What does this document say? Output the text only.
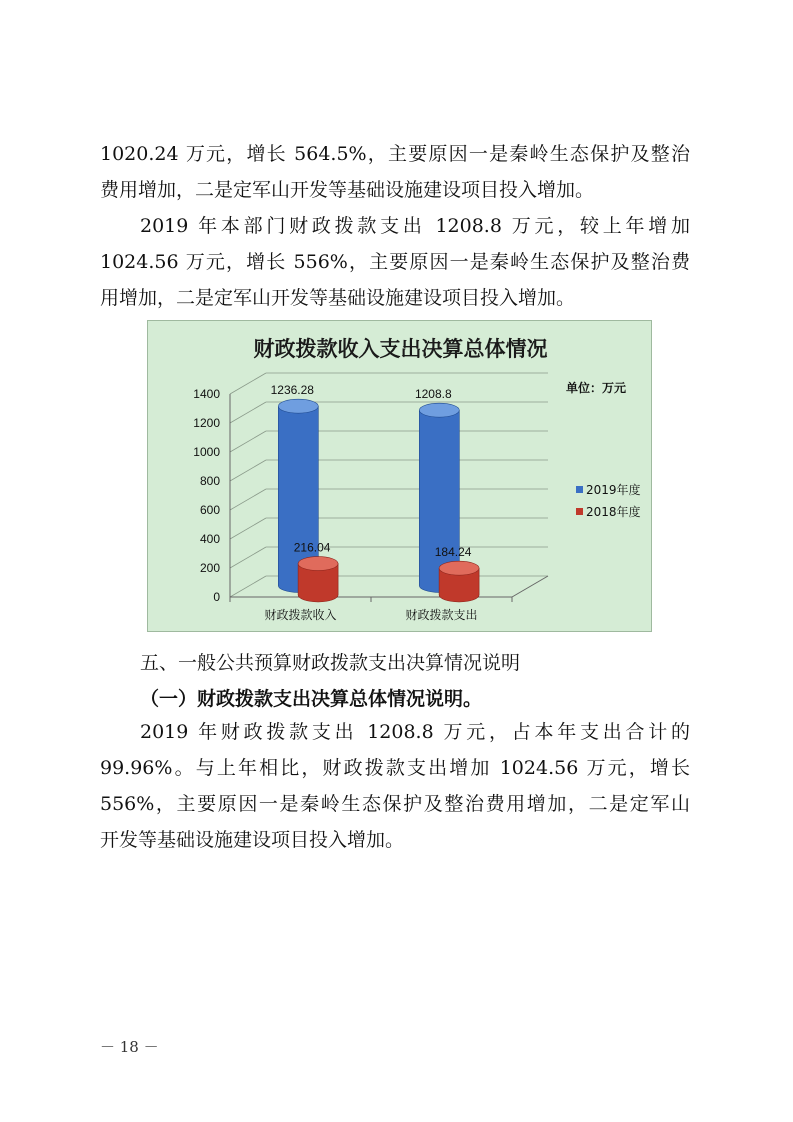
1020.24 万元，增长 564.5%，主要原因一是秦岭生态保护及整治
费用增加，二是定军山开发等基础设施建设项目投入增加。
2019 年本部门财政拨款支出 1208.8 万元，较上年增加
1024.56 万元，增长 556%，主要原因一是秦岭生态保护及整治费
用增加，二是定军山开发等基础设施建设项目投入增加。
0
200
400
600
800
1000
1200
1400
财政拨款收入
1236.28
216.04
财政拨款支出
1208.8
184.24
财政拨款收入支出决算总体情况
单位：万元
2019年度
2018年度
五、一般公共预算财政拨款支出决算情况说明
（一）财政拨款支出决算总体情况说明。
2019 年财政拨款支出 1208.8 万元，占本年支出合计的
99.96%。与上年相比，财政拨款支出增加 1024.56 万元，增长
556%，主要原因一是秦岭生态保护及整治费用增加，二是定军山
开发等基础设施建设项目投入增加。
－ 18 －
